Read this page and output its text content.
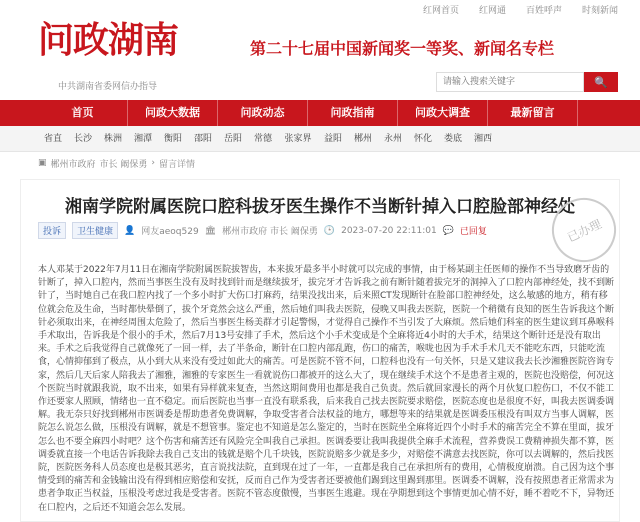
红网首页 红网通 百姓呼声 时刻新闻
问政湖南	第二十七届中国新闻奖一等奖、新闻名专栏
中共湖南省委网信办指导
请输入搜索关键字	🔍
首页	问政大数据	问政动态	问政指南	问政大调查	最新留言
省直	长沙	株洲	湘潭	衡阳	邵阳	岳阳	常德	张家界	益阳	郴州	永州	怀化	娄底	湘西
▣ 郴州市政府 市长 阚保勇 › 留言详情
湘南学院附属医院口腔科拔牙医生操作不当断针掉入口腔脸部神经处
投诉	卫生健康	👤 网友aeoq529 🏛 郴州市政府 市长 阚保勇 🕒 2023-07-20 22:11:01 💬 已回复	已办理
本人邓某于2022年7月11日在湘南学院附属医院拔智齿，本来拔牙最多半小时就可以完成的事情，由于杨某副主任医师的操作不当导致磨牙齿的针断了，掉入口腔内，然而当事医生没有及时找到针而是继续拔牙，拔完牙才告诉我之前有断针随着拔完牙的洞掉入了口腔内部神经处，找不到断针了，当时她自己在我口腔内找了一个多小时扩大伤口打麻药，结果没找出来，后来照CT发现断针在脸部口腔神经处，这么敏感的地方，稍有移位就会危及生命，当时都快晕倒了，拔个牙竟然会这么严重，然后她们叫我去医院，侵晚又叫我去医院，医院一个稍微有良知的医生告诉我这个断针必须取出来，在神经周围太危险了，然后当事医生杨美群才引起警惕，才觉得自己操作不当引发了大麻烦。然后她们科室的医生建议到耳鼻喉科手术取出，告诉我是个很小的手术，然后7月13号安排了手术，然后这个小手术变成是个全麻将近4小时的大手术，结果这个断针还是没有取出来。手术之后我觉得自己就像死了一回一样，去了半条命，断针在口腔内部乱跑，伤口的痛苦，喉咙也因为手术手术几天不能吃东西，只能吃流食，心情抑郁到了极点，从小到大从来没有受过如此大的痛苦。可是医院不管不问，口腔科也没有一句关怀，只是又建议我去长沙湘雅医院咨询专家，然后几天后家人陪我去了湘雅，湘雅的专家医生一看就说伤口都被开的这么大了，现在继续手术这个不是患者主观的，医院也没赔偿，何况这个医院当时就跟我说，取不出来，如果有异样就来复查，当然这期间费用也都是我自己负责。然后就回家漫长的两个月伙复口腔伤口，不仅不能工作还要家人照顾，情绪也一直不稳定。而后医院也当事一直没有联系我，后来我自己找去医院要求赔偿，医院态度也是很度不好，叫我去医调委调解。我无奈只好找到郴州市医调委是帮助患者免费调解，争取受害者合法权益的地方，哪想等来的结果就是医调委压根没有叫双方当事人调解，医院怎么说怎么做，压根没有调解，就是不想管事。鉴定也不知道是怎么鉴定的，当时在医院坐全麻将近四个小时手术的痛苦完全不算在里面，拔牙怎么也不要全麻四小时吧？这个伤害和痛苦还有风险完全叫我自己承担。医调委要让我叫我提供全麻手术流程，营养费误工费精神损失都不算，医调委就直接一个电话告诉我除去我自己支出的钱就是赔个几千块钱，医院说赔多少就是多少，对赔偿不满意去找医院，你可以去调解的，然后找医院，医院医务科人员态度也是极其恶劣，直言说找法院，直到现在过了一年，一直都是我自己在承担所有的费用，心情极度崩溃。自己因为这个事情受到的痛苦和金钱输出没有得到相应赔偿和安抚，反而自己作为受害者还要被他们踢到这里踢到那里。医调委不调解，没有按照患者正常需求为患者争取正当权益，压根没考虑过我是受害者。医院不管态度傲慢，当事医生逃避。现在孕期想到这个事情更加心情不好，睡不着吃不下，异物还在口腔内，之后还不知道会怎么发展。
